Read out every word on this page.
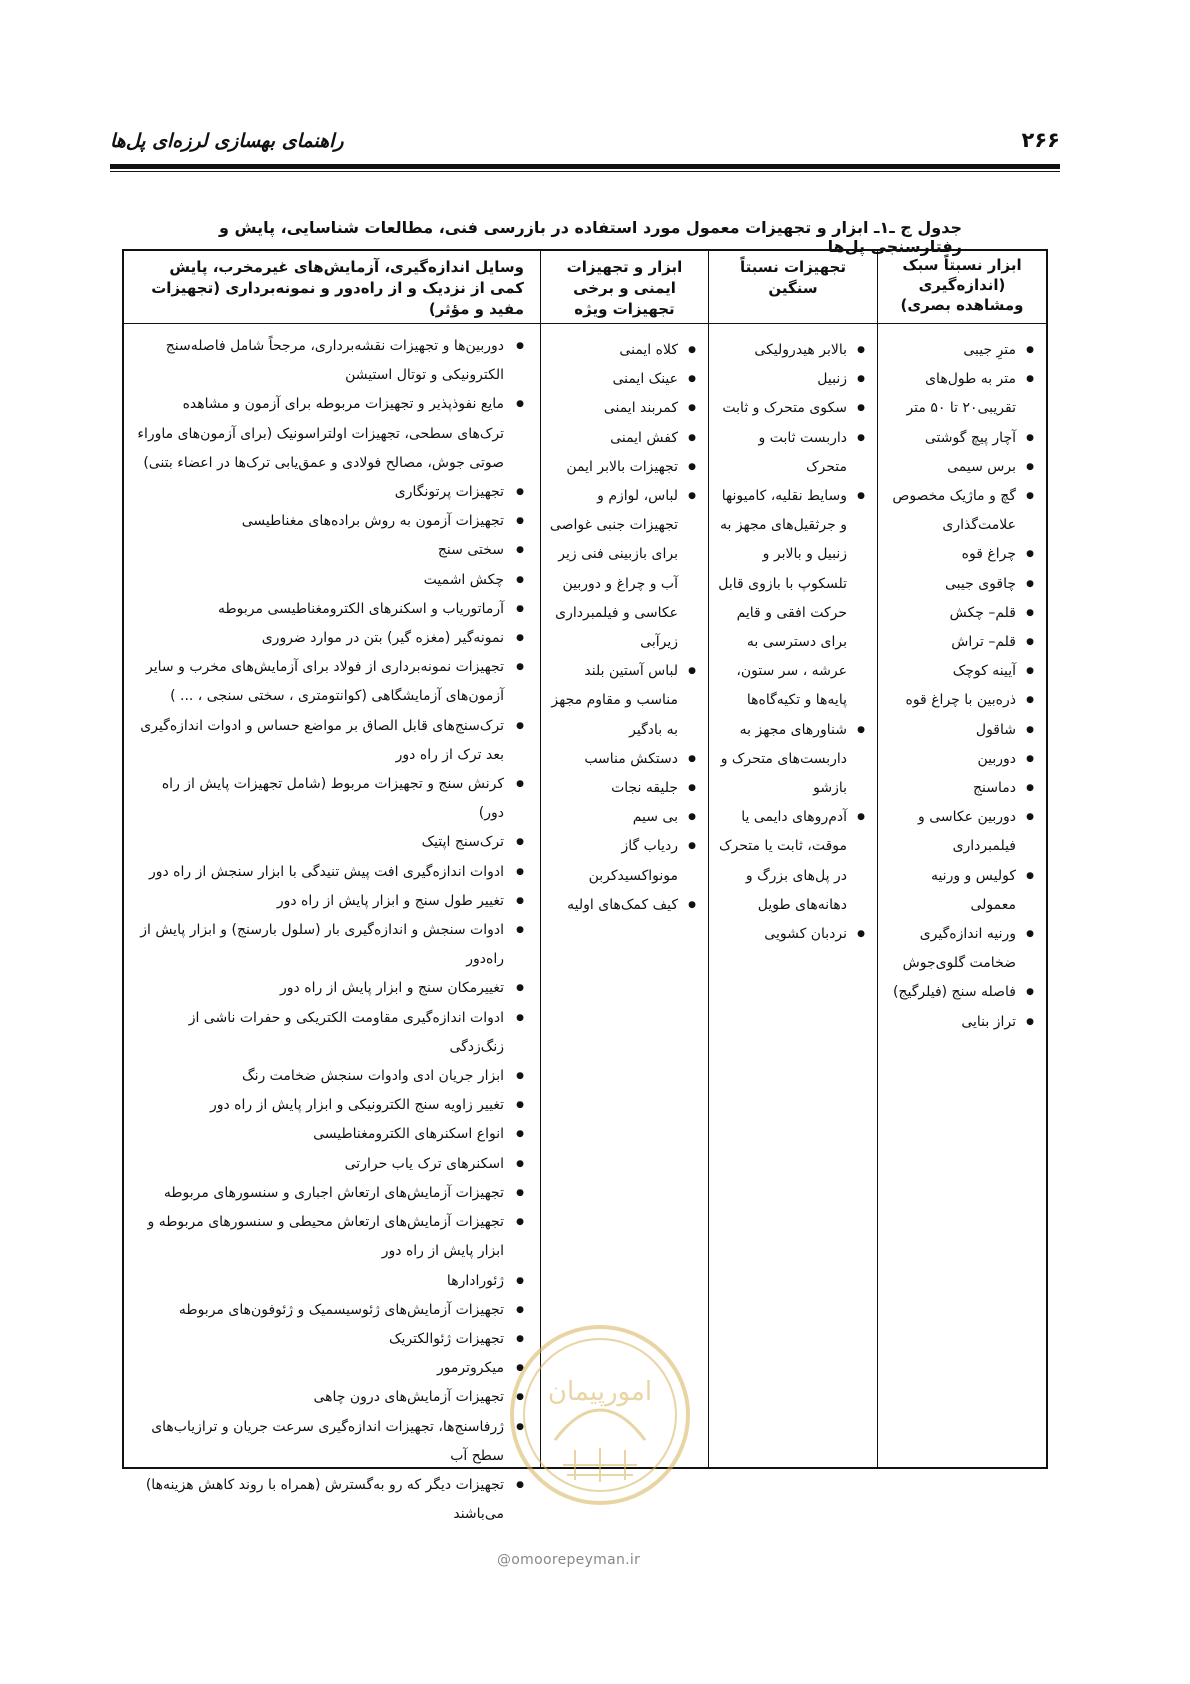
۲۶۶
راهنمای بهسازی لرزه‌ای پل‌ها
جدول ج ـ۱ـ ابزار و تجهیزات معمول مورد استفاده در بازرسی فنی، مطالعات شناسایی، پایش و رفتارسنجی پل‌ها
ابزار نسبتاً سبک (اندازه‌گیری ومشاهده بصری)
● مترِ جیبی
● متر به طول‌های تقریبی۲۰ تا ۵۰ متر
● آچار پیچ گوشتی
● برس سیمی
● گچ و ماژیک مخصوص علامت‌گذاری
● چراغ قوه
● چاقوی جیبی
● قلم– چکش
● قلم– تراش
● آیینه کوچک
● ذره‌بین با چراغ قوه
● شاقول
● دوربین
● دماسنج
● دوربین عکاسی و فیلمبرداری
● کولیس و ورنیه معمولی
● ورنیه اندازه‌گیری ضخامت گلوی‌جوش
● فاصله سنج (فیلرگیج)
● تراز بنایی
تجهیزات نسبتاً سنگین
● بالابر هیدرولیکی
● زنبیل
● سکوی متحرک و ثابت
● داربست ثابت و متحرک
● وسایط نقلیه، کامیونها و جرثقیل‌های مجهز به زنبیل و بالابر و تلسکوپ با بازوی قابل حرکت افقی و قایم برای دسترسی به عرشه ، سر ستون، پایه‌ها و تکیه‌گاه‌ها
● شناورهای مجهز به داربست‌های متحرک و بازشو
● آدم‌روهای دایمی یا موقت، ثابت یا متحرک در پل‌های بزرگ و دهانه‌های طویل
● نردبان کشویی
ابزار و تجهیزات ایمنی و برخی تجهیزات ویژه
● کلاه ایمنی
● عینک ایمنی
● کمربند ایمنی
● کفش ایمنی
● تجهیزات بالابر ایمن
● لباس، لوازم و تجهیزات جنبی غواصی برای بازبینی فنی زیر آب و چراغ و دوربین عکاسی و فیلمبرداری زیرآبی
● لباس آستین بلند مناسب و مقاوم مجهز به بادگیر
● دستکش مناسب
● جلیقه نجات
● بی سیم
● ردیاب گاز مونواکسیدکربن
● کیف کمک‌های اولیه
وسایل اندازه‌گیری، آزمایش‌های غیرمخرب، پایش کمی از نزدیک و از راه‌دور و نمونه‌برداری (تجهیزات مفید و مؤثر)
● دوربین‌ها و تجهیزات نقشه‌برداری، مرجحاً شامل فاصله‌سنج الکترونیکی و توتال استیشن
● مایع نفوذپذیر و تجهیزات مربوطه برای آزمون و مشاهده ترک‌های سطحی، تجهیزات اولتراسونیک (برای آزمون‌های ماوراء صوتی جوش، مصالح فولادی و عمق‌یابی ترک‌ها در اعضاء بتنی)
● تجهیزات پرتونگاری
● تجهیزات آزمون به روش براده‌های مغناطیسی
● سختی سنج
● چکش اشمیت
● آرماتوریاب و اسکنرهای الکترومغناطیسی مربوطه
● نمونه‌گیر (مغزه گیر) بتن در موارد ضروری
● تجهیزات نمونه‌برداری از فولاد برای آزمایش‌های مخرب و سایر آزمون‌های آزمایشگاهی (کوانتومتری ، سختی سنجی ، ... )
● ترک‌سنج‌های قابل الصاق بر مواضع حساس و ادوات اندازه‌گیری بعد ترک از راه دور
● کرنش سنج و تجهیزات مربوط (شامل تجهیزات پایش از راه دور)
● ترک‌سنج اپتیک
● ادوات اندازه‌گیری افت پیش تنیدگی با ابزار سنجش از راه دور
● تغییر طول سنج و ابزار پایش از راه دور
● ادوات سنجش و اندازه‌گیری بار (سلول بارسنج) و ابزار پایش از راه‌دور
● تغییرمکان سنج و ابزار پایش از راه دور
● ادوات اندازه‌گیری مقاومت الکتریکی و حفرات ناشی از زنگ‌زدگی
● ابزار جریان ادی وادوات سنجش ضخامت رنگ
● تغییر زاویه سنج الکترونیکی و ابزار پایش از راه دور
● انواع اسکنرهای الکترومغناطیسی
● اسکنرهای ترک یاب حرارتی
● تجهیزات آزمایش‌های ارتعاش اجباری و سنسورهای مربوطه
● تجهیزات آزمایش‌های ارتعاش محیطی و سنسورهای مربوطه و ابزار پایش از راه دور
● ژئورادارها
● تجهیزات آزمایش‌های ژئوسیسمیک و ژئوفون‌های مربوطه
● تجهیزات ژئوالکتریک
● میکروترمور
● تجهیزات آزمایش‌های درون چاهی
● ژرفاسنج‌ها، تجهیزات اندازه‌گیری سرعت جریان و ترازیاب‌های سطح آب
● تجهیزات دیگر که رو به‌گسترش (همراه با روند کاهش هزینه‌ها) می‌باشند
امورپیمان
@omoorepeyman.ir
